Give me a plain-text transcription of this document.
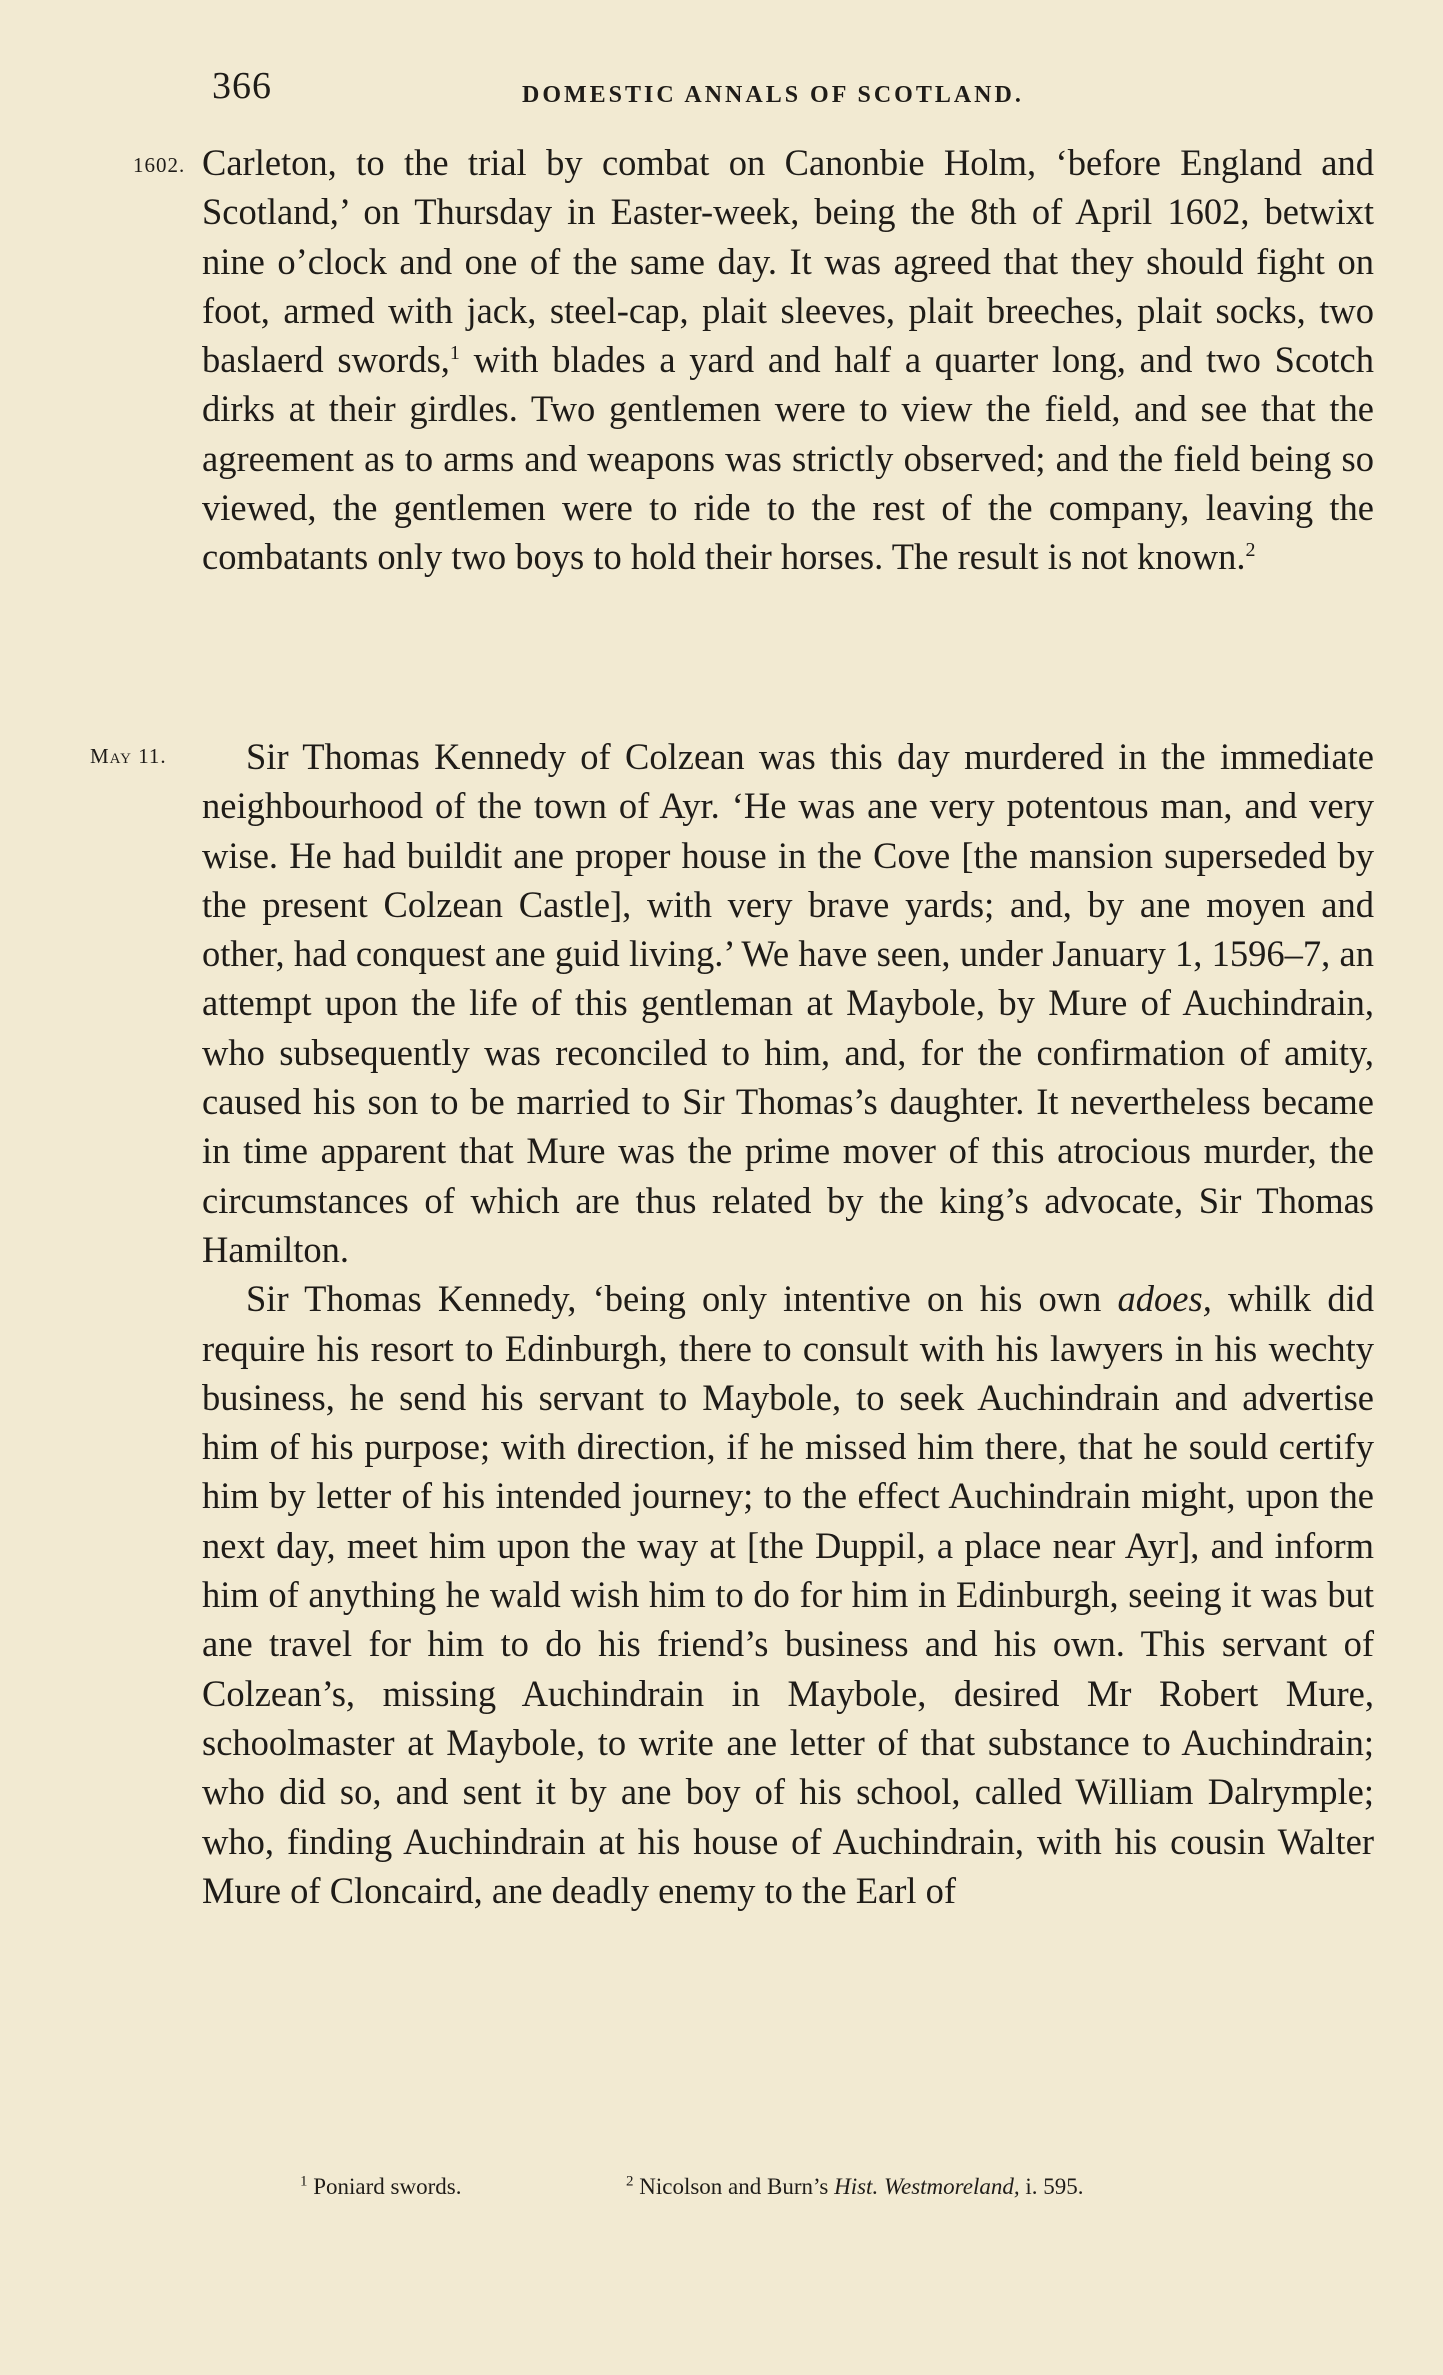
366	DOMESTIC ANNALS OF SCOTLAND.
1602.
May 11.

Carleton, to the trial by combat on Canonbie Holm, ‘before England and Scotland,’ on Thursday in Easter-week, being the 8th of April 1602, betwixt nine o’clock and one of the same day. It was agreed that they should fight on foot, armed with jack, steel-cap, plait sleeves, plait breeches, plait socks, two baslaerd swords,$^1$ with blades a yard and half a quarter long, and two Scotch dirks at their girdles. Two gentlemen were to view the field, and see that the agreement as to arms and weapons was strictly observed; and the field being so viewed, the gentlemen were to ride to the rest of the company, leaving the combatants only two boys to hold their horses. The result is not known.$^2$

Sir Thomas Kennedy of Colzean was this day murdered in the immediate neighbourhood of the town of Ayr. ‘He was ane very potentous man, and very wise. He had buildit ane proper house in the Cove [the mansion superseded by the present Colzean Castle], with very brave yards; and, by ane moyen and other, had conquest ane guid living.’ We have seen, under January 1, 1596–7, an attempt upon the life of this gentleman at Maybole, by Mure of Auchindrain, who subsequently was reconciled to him, and, for the confirmation of amity, caused his son to be married to Sir Thomas’s daughter. It nevertheless became in time apparent that Mure was the prime mover of this atrocious murder, the circumstances of which are thus related by the king’s advocate, Sir Thomas Hamilton.

Sir Thomas Kennedy, ‘being only intentive on his own adoes, whilk did require his resort to Edinburgh, there to consult with his lawyers in his wechty business, he send his servant to Maybole, to seek Auchindrain and advertise him of his purpose; with direction, if he missed him there, that he sould certify him by letter of his intended journey; to the effect Auchindrain might, upon the next day, meet him upon the way at [the Duppil, a place near Ayr], and inform him of anything he wald wish him to do for him in Edinburgh, seeing it was but ane travel for him to do his friend’s business and his own. This servant of Colzean’s, missing Auchindrain in Maybole, desired Mr Robert Mure, schoolmaster at Maybole, to write ane letter of that substance to Auchindrain; who did so, and sent it by ane boy of his school, called William Dalrymple; who, finding Auchindrain at his house of Auchindrain, with his cousin Walter Mure of Cloncaird, ane deadly enemy to the Earl of

$^1$ Poniard swords.	$^2$ Nicolson and Burn’s Hist. Westmoreland, i. 595.
